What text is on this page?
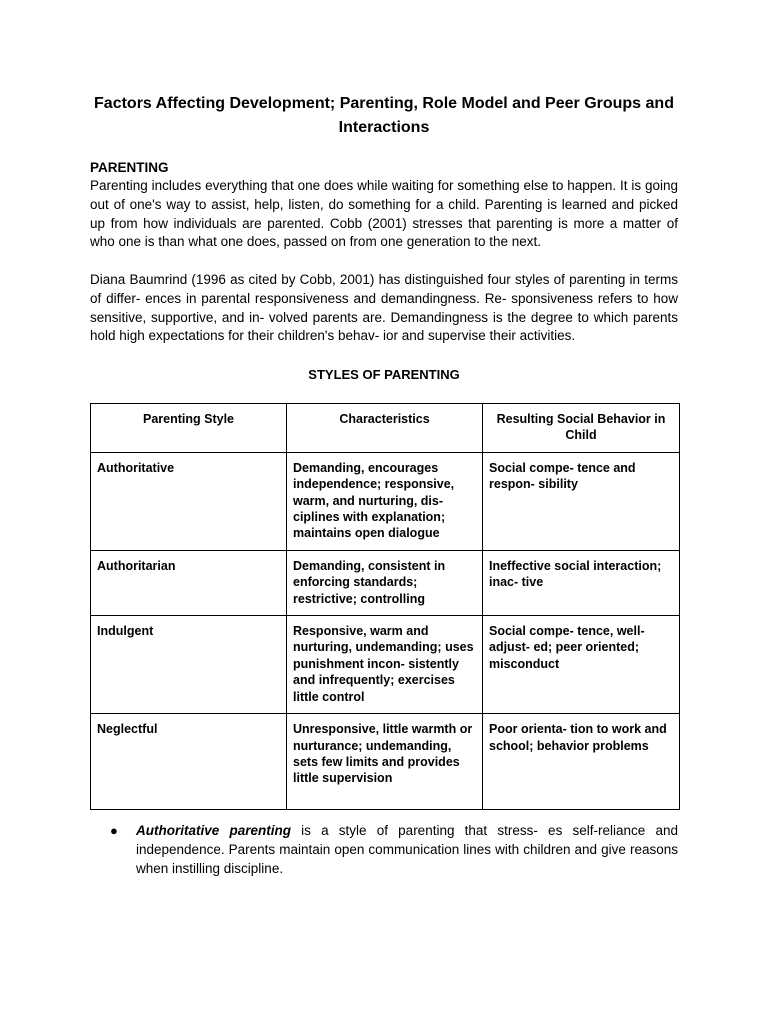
Factors Affecting Development; Parenting, Role Model and Peer Groups and Interactions
PARENTING
Parenting includes everything that one does while waiting for something else to happen. It is going out of one's way to assist, help, listen, do something for a child. Parenting is learned and picked up from how individuals are parented. Cobb (2001) stresses that parenting is more a matter of who one is than what one does, passed on from one generation to the next.
Diana Baumrind (1996 as cited by Cobb, 2001) has distinguished four styles of parenting in terms of differ- ences in parental responsiveness and demandingness. Re- sponsiveness refers to how sensitive, supportive, and in- volved parents are. Demandingness is the degree to which parents hold high expectations for their children's behav- ior and supervise their activities.
STYLES OF PARENTING
Parenting Style	Characteristics	Resulting Social Behavior in Child
Authoritative	Demanding, encourages independence; responsive, warm, and nurturing, dis- ciplines with explanation; maintains open dialogue	Social compe- tence and respon- sibility
Authoritarian	Demanding, consistent in enforcing standards; restrictive; controlling	Ineffective social interaction; inac- tive
Indulgent	Responsive, warm and nurturing, undemanding; uses punishment incon- sistently and infrequently; exercises little control	Social compe- tence, well-adjust- ed; peer oriented; misconduct
Neglectful	Unresponsive, little warmth or nurturance; undemanding, sets few limits and provides little supervision	Poor orienta- tion to work and school; behavior problems
● Authoritative parenting is a style of parenting that stress- es self-reliance and independence. Parents maintain open communication lines with children and give reasons when instilling discipline.
